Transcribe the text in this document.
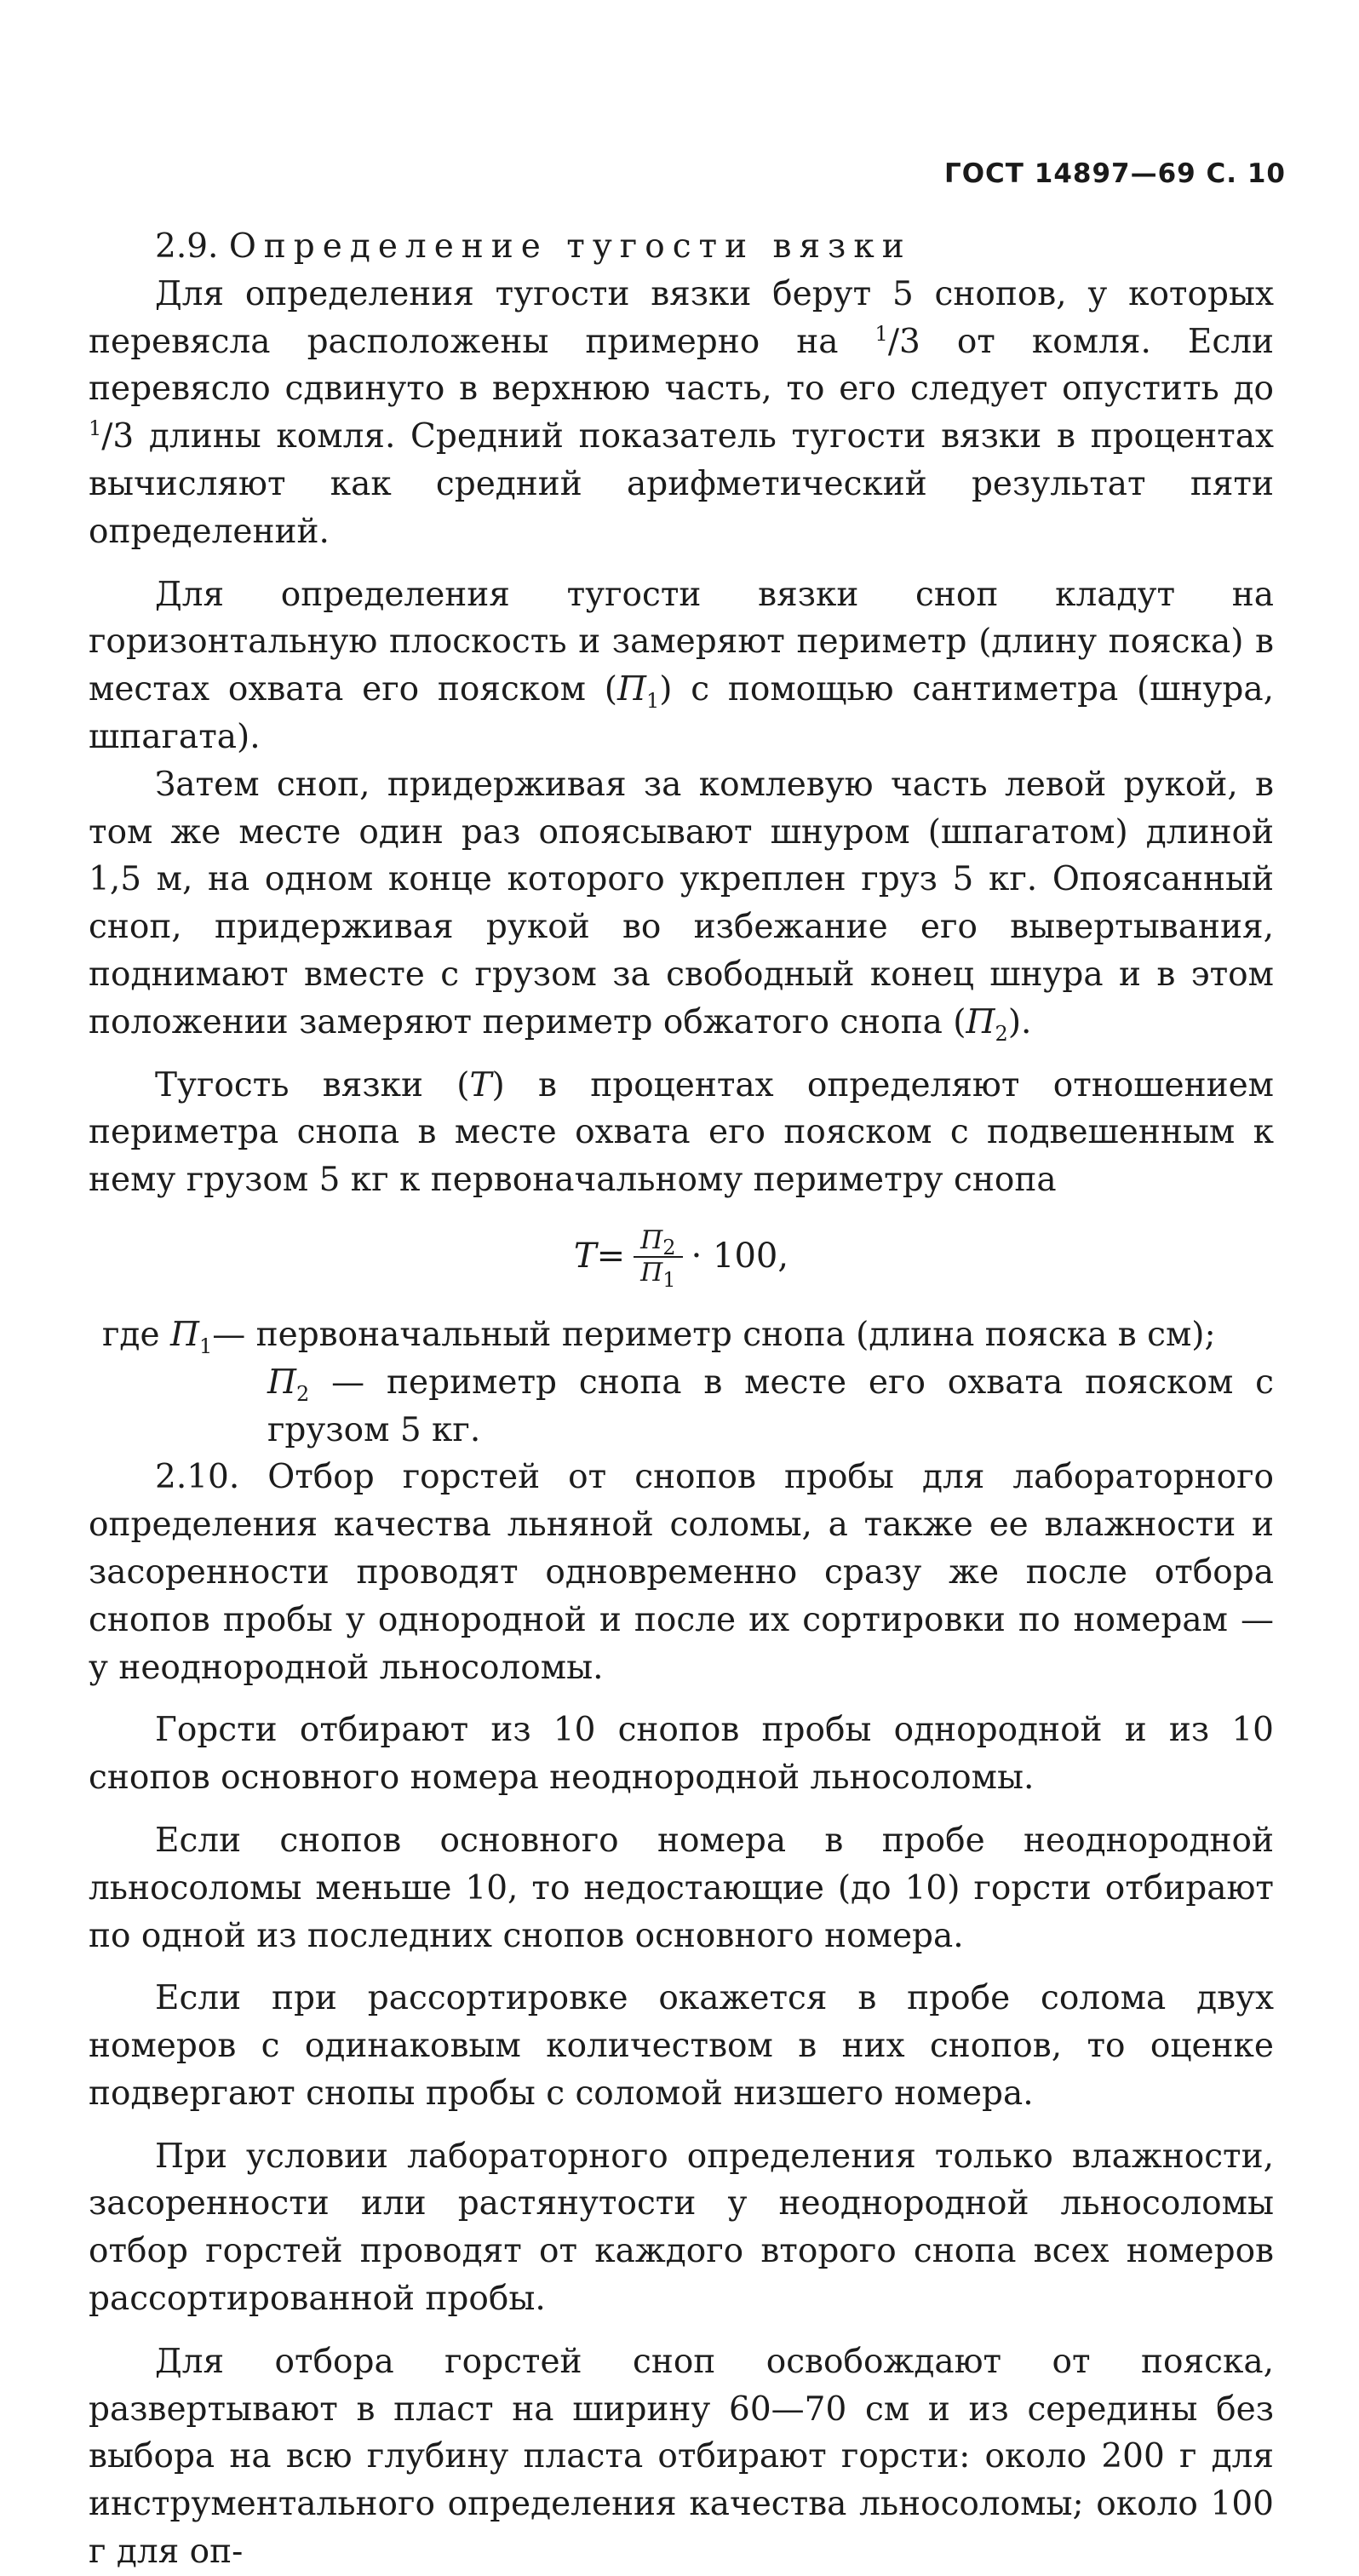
ГОСТ 14897—69 С. 10

2.9. Определение тугости вязки

Для определения тугости вязки берут 5 снопов, у которых перевясла расположены примерно на $^1$/3 от комля. Если перевясло сдвинуто в верхнюю часть, то его следует опустить до $^1$/3 длины комля. Средний показатель тугости вязки в процентах вычисляют как средний арифметический результат пяти определений.

Для определения тугости вязки сноп кладут на горизонтальную плоскость и замеряют периметр (длину пояска) в местах охвата его пояском $(П_1)$ с помощью сантиметра (шнура, шпагата).

Затем сноп, придерживая за комлевую часть левой рукой, в том же месте один раз опоясывают шнуром (шпагатом) длиной 1,5 м, на одном конце которого укреплен груз 5 кг. Опоясанный сноп, придерживая рукой во избежание его вывертывания, поднимают вместе с грузом за свободный конец шнура и в этом положении замеряют периметр обжатого снопа $(П_2)$.

Тугость вязки (Т) в процентах определяют отношением периметра снопа в месте охвата его пояском с подвешенным к нему грузом 5 кг к первоначальному периметру снопа

$Т = \frac{П_2}{П_1} \cdot 100$,

где $П_1—$ первоначальный периметр снопа (длина пояска в см);

$П_2$ — периметр снопа в месте его охвата пояском с грузом 5 кг.

2.10. Отбор горстей от снопов пробы для лабораторного определения качества льняной соломы, а также ее влажности и засоренности проводят одновременно сразу же после отбора снопов пробы у однородной и после их сортировки по номерам — у неоднородной льносоломы.

Горсти отбирают из 10 снопов пробы однородной и из 10 снопов основного номера неоднородной льносоломы.

Если снопов основного номера в пробе неоднородной льносоломы меньше 10, то недостающие (до 10) горсти отбирают по одной из последних снопов основного номера.

Если при рассортировке окажется в пробе солома двух номеров с одинаковым количеством в них снопов, то оценке подвергают снопы пробы с соломой низшего номера.

При условии лабораторного определения только влажности, засоренности или растянутости у неоднородной льносоломы отбор горстей проводят от каждого второго снопа всех номеров рассортированной пробы.

Для отбора горстей сноп освобождают от пояска, развертывают в пласт на ширину 60—70 см и из середины без выбора на всю глубину пласта отбирают горсти: около 200 г для инструментального определения качества льносоломы; около 100 г для оп-
